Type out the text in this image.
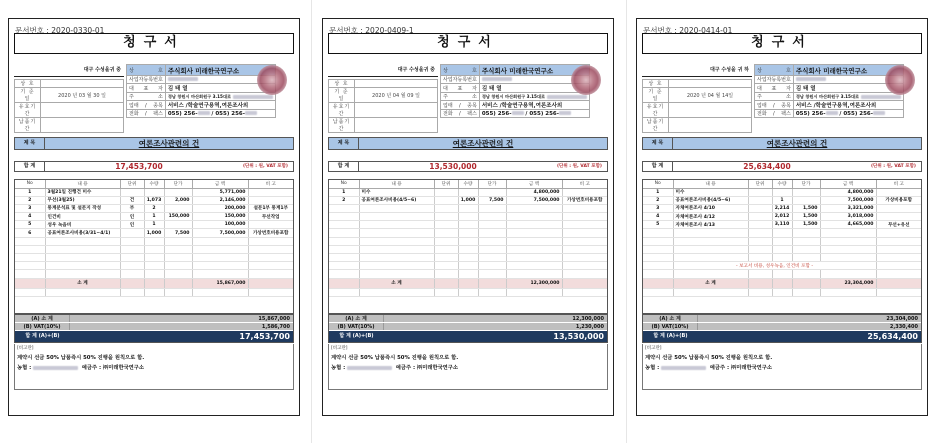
문서번호 : 2020-0330-01
청구서
대구 수성을귀 중
상 호	
기 준 일	2020 년 03 월 30 일
유효기간	
납품기간	
상 호	주식회사 미래한국연구소
사업자등록번호	
대 표 자	김 태 열
주 소	경남 창원시 마산회원구 3.15대로
업태 / 종목	서비스 /학술연구용역,여론조사외
전화 / 팩스	055) 256- / 055) 256-
제 목	여론조사관련의 건
합 계	17,453,700	(단위 : 원, VAT 포함)
No	내 용	단위	수량	단가	금 액	비 고
1	3월21일 진행건 미수				5,771,000	
2	무선(3월25)	건	1,073	2,000	2,146,000	
3	통계분석표 및 설문지 작성	부	2		200,000	설문1부 통계1부
4	인건비	인	1	150,000	150,000	무선작업
5	성우 녹음비	인	1		100,000	
6	공표여론조사비용(3/31~4/1)		1,000	7,500	7,500,000	가상번호비용포함

	소 계				15,867,000	

(A) 소 계	15,867,000
(B) VAT(10%)	1,586,700
합 계 (A)+(B)	17,453,700
[비고란]
계약시 선금 50% 납품즉시 50% 진행을 원칙으로 함.
농협 :	예금주 : ㈜미래한국연구소
문서번호 : 2020-0409-1
청구서
대구 수성을귀 중
상 호	
기 준 일	2020 년 04 월 09 일
유효기간	
납품기간	
상 호	주식회사 미래한국연구소
사업자등록번호	
대 표 자	김 태 열
주 소	경남 창원시 마산회원구 3.15대로
업태 / 종목	서비스 /학술연구용역,여론조사외
전화 / 팩스	055) 256- / 055) 256-
제 목	여론조사관련의 건
합 계	13,530,000	(단위 : 원, VAT 포함)
No	내 용	단위	수량	단가	금 액	비 고
1	미수				4,800,000	
2	공표여론조사비용(4/5~6)		1,000	7,500	7,500,000	가상번호비용포함

	소 계				12,300,000	

(A) 소 계	12,300,000
(B) VAT(10%)	1,230,000
합 계 (A)+(B)	13,530,000
[비고란]
계약시 선금 50% 납품즉시 50% 진행을 원칙으로 함.
농협 :	예금주 : ㈜미래한국연구소
문서번호 : 2020-0414-01
청구서
대구 수성을 귀 하
상 호	
기 준 일	2020 년 04 월 14일
유효기간	
납품기간	
상 호	주식회사 미래한국연구소
사업자등록번호	
대 표 자	김 태 열
주 소	경남 창원시 마산회원구 3.15대로
업태 / 종목	서비스 /학술연구용역,여론조사외
전화 / 팩스	055) 256- / 055) 256-
제 목	여론조사관련의 건
합 계	25,634,400	(단위 : 원, VAT 포함)
No	내 용	단위	수량	단가	금 액	비 고
1	미수				4,800,000	
2	공표여론조사비용(4/5~6)		1		7,500,000	가상비용포함
3	자체여론조사 4/10		2,214	1,500	3,321,000	
4	자체여론조사 4/12		2,012	1,500	3,018,000	
5	자체여론조사 4/13		3,110	1,500	4,665,000	무선+유선

	- 보고서 비용, 성우녹음, 인건비 포함 -					

	소 계				23,304,000	

(A) 소 계	23,304,000
(B) VAT(10%)	2,330,400
합 계 (A)+(B)	25,634,400
[비고란]
계약시 선금 50% 납품즉시 50% 진행을 원칙으로 함.
농협 :	예금주 : ㈜미래한국연구소
